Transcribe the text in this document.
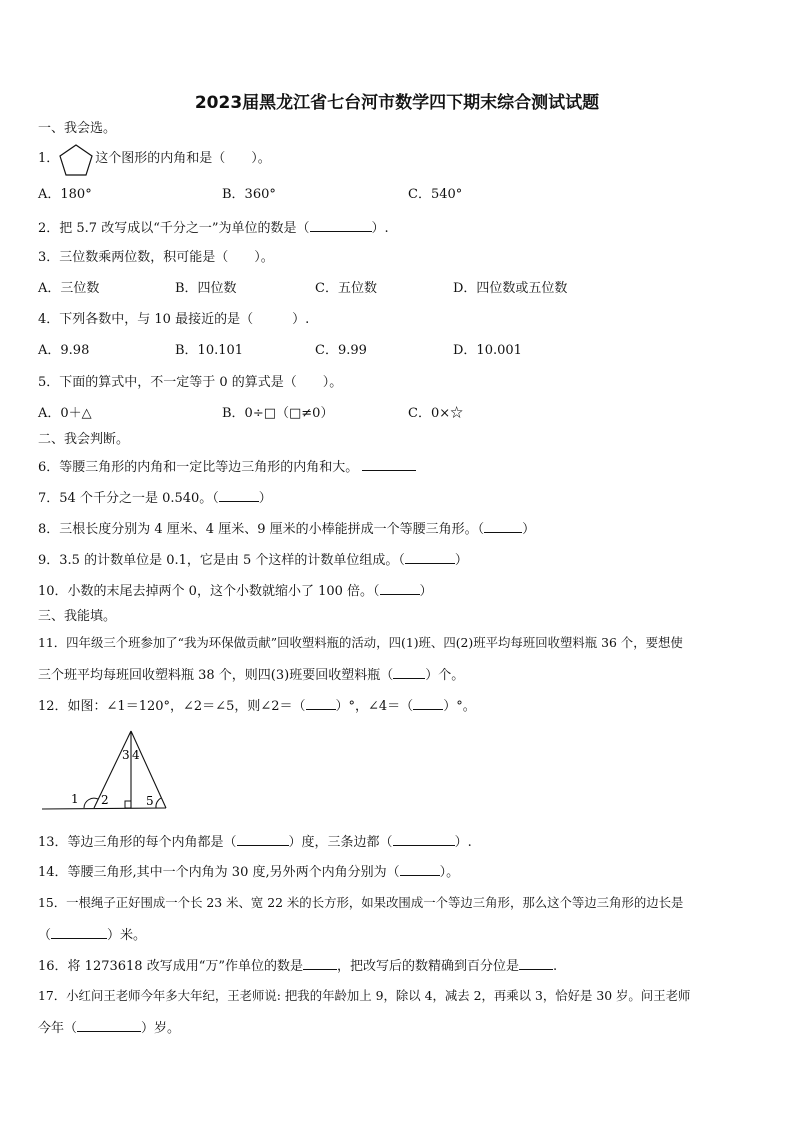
2023届黑龙江省七台河市数学四下期末综合测试试题
一、我会选。
1．	这个图形的内角和是（　　）。
A．180°	B．360°	C．540°
2．把 5.7 改写成以“千分之一”为单位的数是（	）.
3．三位数乘两位数，积可能是（　　）。
A．三位数	B．四位数	C．五位数	D．四位数或五位数
4．下列各数中，与 10 最接近的是（　　　）.
A．9.98	B．10.101	C．9.99	D．10.001
5．下面的算式中，不一定等于 0 的算式是（　　）。
A．0＋△	B．0÷□（□≠0）	C．0×☆
二、我会判断。
6．等腰三角形的内角和一定比等边三角形的内角和大。
7．54 个千分之一是 0.540。（	）
8．三根长度分别为 4 厘米、4 厘米、9 厘米的小棒能拼成一个等腰三角形。（	）
9．3.5 的计数单位是 0.1，它是由 5 个这样的计数单位组成。（	）
10．小数的末尾去掉两个 0，这个小数就缩小了 100 倍。（	）
三、我能填。
11．四年级三个班参加了“我为环保做贡献”回收塑料瓶的活动，四(1)班、四(2)班平均每班回收塑料瓶 36 个，要想使
三个班平均每班回收塑料瓶 38 个，则四(3)班要回收塑料瓶（ ）个。
12．如图：∠1＝120°，∠2＝∠5，则∠2＝（ ）°，∠4＝（ ）°。
1 2
3 4
5
13．等边三角形的每个内角都是（	）度，三条边都（	）.
14．等腰三角形,其中一个内角为 30 度,另外两个内角分别为（	）。
15．一根绳子正好围成一个长 23 米、宽 22 米的长方形，如果改围成一个等边三角形，那么这个等边三角形的边长是
（	）米。
16．将 1273618 改写成用“万”作单位的数是	，把改写后的数精确到百分位是	.
17．小红问王老师今年多大年纪，王老师说: 把我的年龄加上 9，除以 4，减去 2，再乘以 3，恰好是 30 岁。问王老师
今年（	）岁。
